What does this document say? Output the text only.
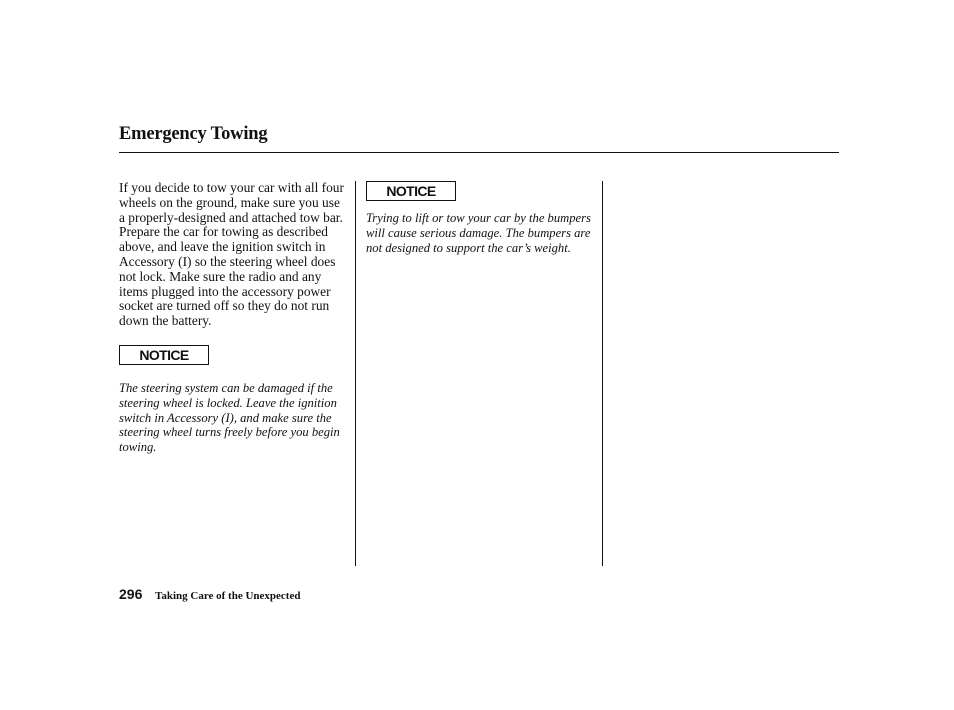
Emergency Towing

If you decide to tow your car with all four wheels on the ground, make sure you use a properly-designed and attached tow bar. Prepare the car for towing as described above, and leave the ignition switch in Accessory (I) so the steering wheel does not lock. Make sure the radio and any items plugged into the accessory power socket are turned off so they do not run down the battery.

NOTICE

The steering system can be damaged if the steering wheel is locked. Leave the ignition switch in Accessory (I), and make sure the steering wheel turns freely before you begin towing.

NOTICE

Trying to lift or tow your car by the bumpers will cause serious damage. The bumpers are not designed to support the car’s weight.

296 Taking Care of the Unexpected
